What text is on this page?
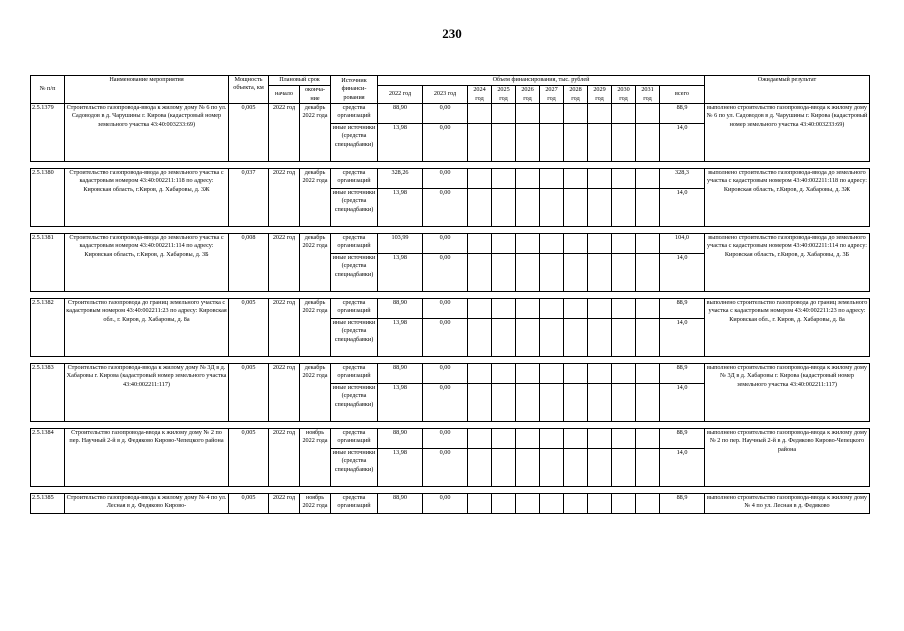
230
№ п/п	Наименование мероприятия	Мощность объекта, км	Плановый срок		Источник финанси-рования	Объем финансирования, тыс. рублей											Ожидаемый результат
			начало	оконча-ние		2022 год	2023 год	2024 год	2025 год	2026 год	2027 год	2028 год	2029 год	2030 год	2031 год	всего	
2.5.1379	Строительство газопровода-ввода к жилому дому № 6 по ул. Садоводов в д. Чарушины г. Кирова (кадастровый номер земельного участка 43:40:003233:69)	0,005	2022 год	декабрь 2022 года	средства организаций	88,90	0,00									88,9	выполнено строительство газопровода-ввода к жилому дому № 6 по ул. Садоводов в д. Чарушины г. Кирова (кадастровый номер земельного участка 43:40:003233:69)
					иные источники (средства спецнадбавки)	13,98	0,00									14,0	

2.5.1380	Строительство газопровода-ввода до земельного участка с кадастровым номером 43:40:002211:118 по адресу: Кировская область, г.Киров, д. Хабаровы, д. 3Ж	0,037	2022 год	декабрь 2022 года	средства организаций	328,26	0,00									328,3	выполнено строительство газопровода-ввода до земельного участка с кадастровым номером 43:40:002211:118 по адресу: Кировская область, г.Киров, д. Хабаровы, д. 3Ж
					иные источники (средства спецнадбавки)	13,98	0,00									14,0	

2.5.1381	Строительство газопровода-ввода до земельного участка с кадастровым номером 43:40:002211:114 по адресу: Кировская область, г.Киров, д. Хабаровы, д. 3Б	0,008	2022 год	декабрь 2022 года	средства организаций	103,99	0,00									104,0	выполнено строительство газопровода-ввода до земельного участка с кадастровым номером 43:40:002211:114 по адресу: Кировская область, г.Киров, д. Хабаровы, д. 3Б
					иные источники (средства спецнадбавки)	13,98	0,00									14,0	

2.5.1382	Строительство газопровода до границ земельного участка с кадастровым номером 43:40:002211:23 по адресу: Кировская обл., г. Киров, д. Хабаровы, д. 8а	0,005	2022 год	декабрь 2022 года	средства организаций	88,90	0,00									88,9	выполнено строительство газопровода до границ земельного участка с кадастровым номером 43:40:002211:23 по адресу: Кировская обл., г. Киров, д. Хабаровы, д. 8а
					иные источники (средства спецнадбавки)	13,98	0,00									14,0	

2.5.1383	Строительство газопровода-ввода к жилому дому № 3Д в д. Хабаровы г. Кирова (кадастровый номер земельного участка 43:40:002211:117)	0,005	2022 год	декабрь 2022 года	средства организаций	88,90	0,00									88,9	выполнено строительство газопровода-ввода к жилому дому № 3Д в д. Хабаровы г. Кирова (кадастровый номер земельного участка 43:40:002211:117)
					иные источники (средства спецнадбавки)	13,98	0,00									14,0	

2.5.1384	Строительство газопровода-ввода к жилому дому № 2 по пер. Научный 2-й в д. Федяково Кирово-Чепецкого района	0,005	2022 год	ноябрь 2022 года	средства организаций	88,90	0,00									88,9	выполнено строительство газопровода-ввода к жилому дому № 2 по пер. Научный 2-й в д. Федяково Кирово-Чепецкого района
					иные источники (средства спецнадбавки)	13,98	0,00									14,0	

2.5.1385	Строительство газопровода-ввода к жилому дому № 4 по ул. Лесная в д. Федяково Кирово-	0,005	2022 год	ноябрь 2022 года	средства организаций	88,90	0,00									88,9	выполнено строительство газопровода-ввода к жилому дому № 4 по ул. Лесная в д. Федяково
